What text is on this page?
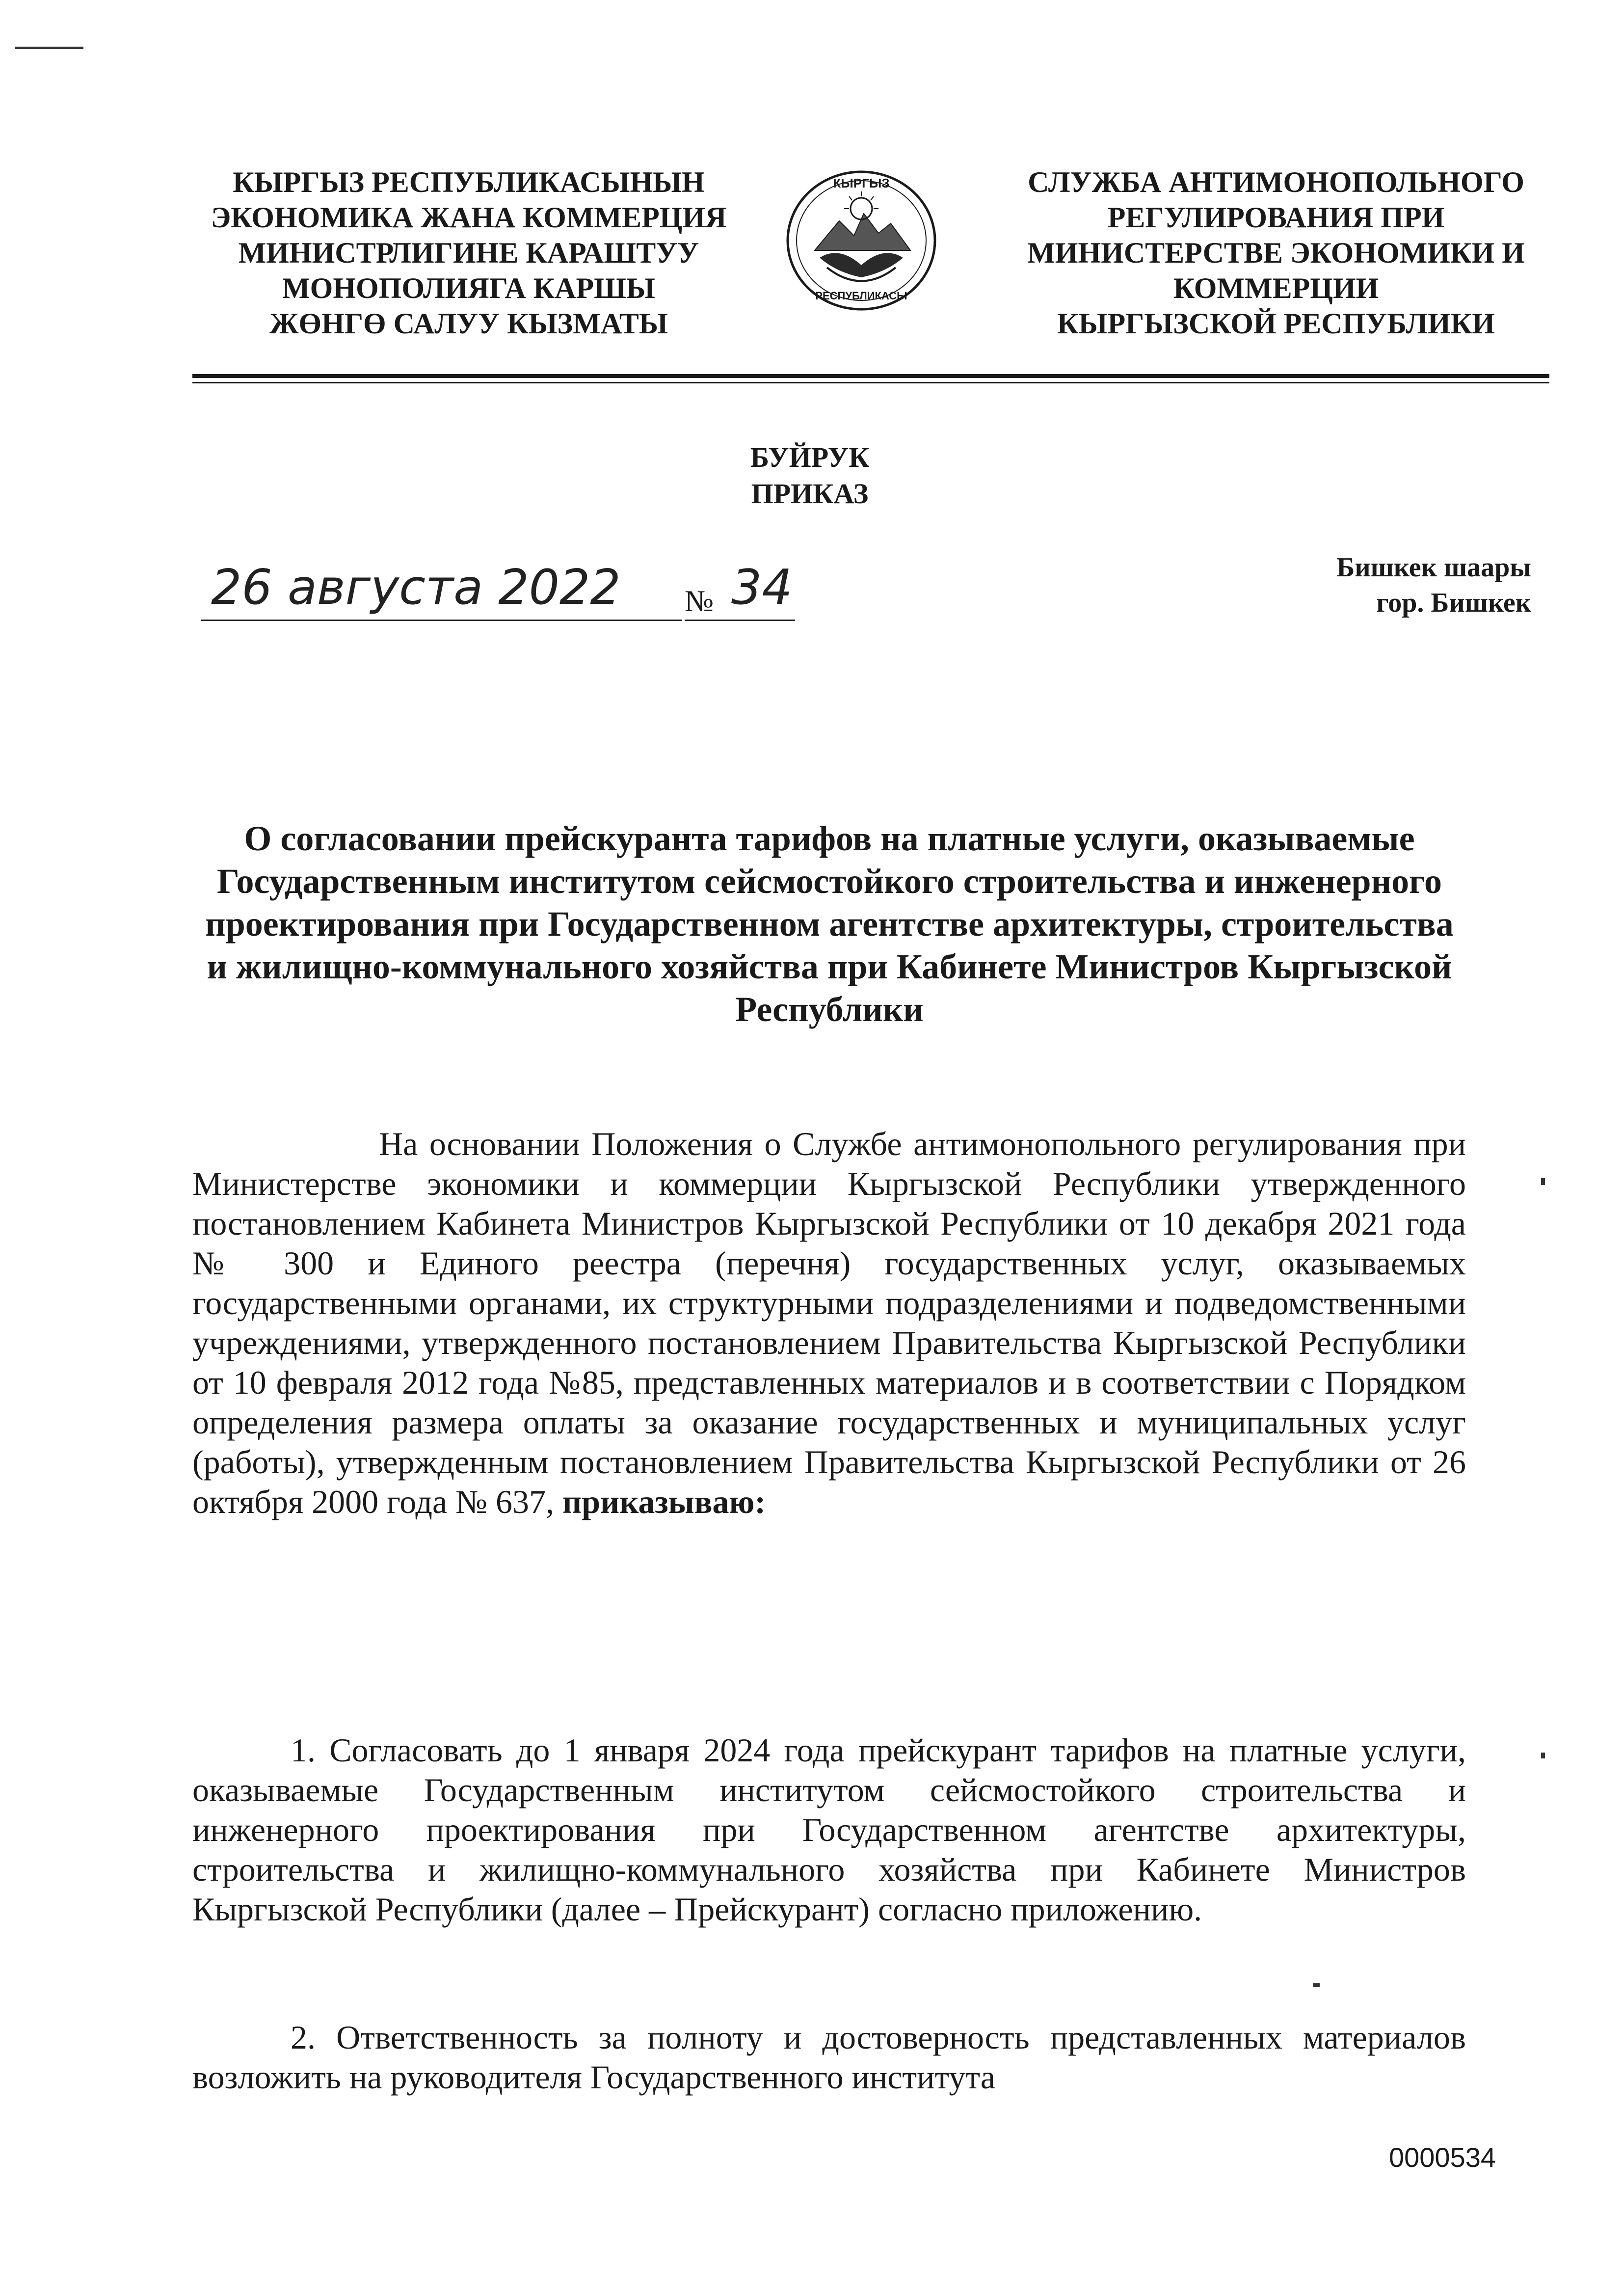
КЫРГЫЗ РЕСПУБЛИКАСЫНЫН
ЭКОНОМИКА ЖАНА КОММЕРЦИЯ
МИНИСТРЛИГИНЕ КАРАШТУУ
МОНОПОЛИЯГА КАРШЫ
ЖӨНГӨ САЛУУ КЫЗМАТЫ
КЫРГЫЗ
РЕСПУБЛИКАСЫ
СЛУЖБА АНТИМОНОПОЛЬНОГО
РЕГУЛИРОВАНИЯ ПРИ
МИНИСТЕРСТВЕ ЭКОНОМИКИ И
КОММЕРЦИИ
КЫРГЫЗСКОЙ РЕСПУБЛИКИ
БУЙРУК
ПРИКАЗ
26 августа 2022 № 34	Бишкек шаары
гор. Бишкек
О согласовании прейскуранта тарифов на платные услуги, оказываемые Государственным институтом сейсмостойкого строительства и инженерного проектирования при Государственном агентстве архитектуры, строительства и жилищно-коммунального хозяйства при Кабинете Министров Кыргызской Республики
На основании Положения о Службе антимонопольного регулирования при Министерстве экономики и коммерции Кыргызской Республики утвержденного постановлением Кабинета Министров Кыргызской Республики от 10 декабря 2021 года № 300 и Единого реестра (перечня) государственных услуг, оказываемых государственными органами, их структурными подразделениями и подведомственными учреждениями, утвержденного постановлением Правительства Кыргызской Республики от 10 февраля 2012 года №85, представленных материалов и в соответствии с Порядком определения размера оплаты за оказание государственных и муниципальных услуг (работы), утвержденным постановлением Правительства Кыргызской Республики от 26 октября 2000 года № 637, приказываю:
1. Согласовать до 1 января 2024 года прейскурант тарифов на платные услуги, оказываемые Государственным институтом сейсмостойкого строительства и инженерного проектирования при Государственном агентстве архитектуры, строительства и жилищно-коммунального хозяйства при Кабинете Министров Кыргызской Республики (далее – Прейскурант) согласно приложению.
2. Ответственность за полноту и достоверность представленных материалов возложить на руководителя Государственного института
0000534
